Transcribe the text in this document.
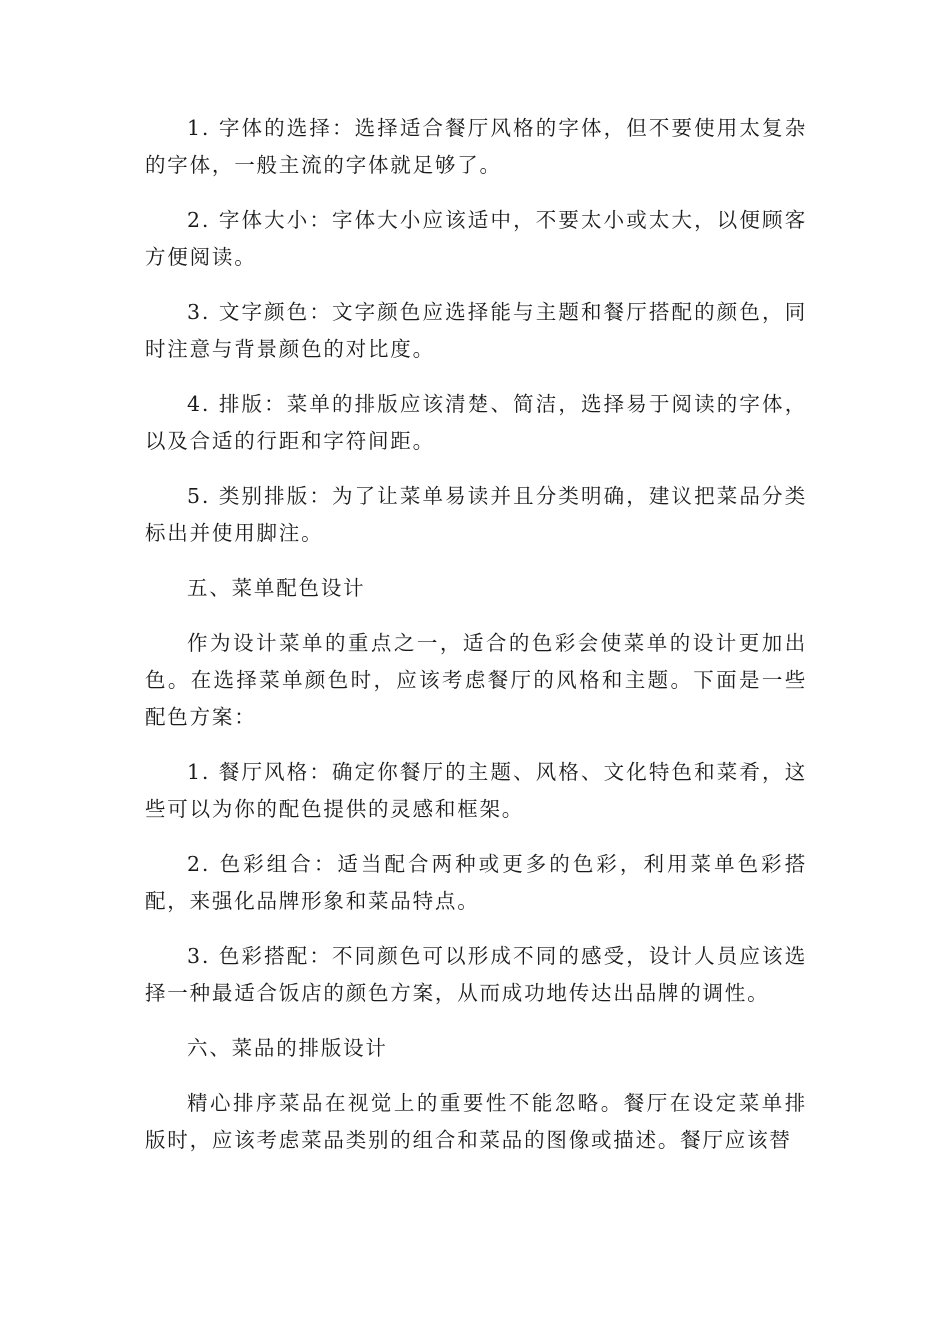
1. 字体的选择：选择适合餐厅风格的字体，但不要使用太复杂的字体，一般主流的字体就足够了。

2. 字体大小：字体大小应该适中，不要太小或太大，以便顾客方便阅读。

3. 文字颜色：文字颜色应选择能与主题和餐厅搭配的颜色，同时注意与背景颜色的对比度。

4. 排版：菜单的排版应该清楚、简洁，选择易于阅读的字体，以及合适的行距和字符间距。

5. 类别排版：为了让菜单易读并且分类明确，建议把菜品分类标出并使用脚注。

五、菜单配色设计

作为设计菜单的重点之一，适合的色彩会使菜单的设计更加出色。在选择菜单颜色时，应该考虑餐厅的风格和主题。下面是一些配色方案：

1. 餐厅风格：确定你餐厅的主题、风格、文化特色和菜肴，这些可以为你的配色提供的灵感和框架。

2. 色彩组合：适当配合两种或更多的色彩，利用菜单色彩搭配，来强化品牌形象和菜品特点。

3. 色彩搭配：不同颜色可以形成不同的感受，设计人员应该选择一种最适合饭店的颜色方案，从而成功地传达出品牌的调性。

六、菜品的排版设计

精心排序菜品在视觉上的重要性不能忽略。餐厅在设定菜单排版时，应该考虑菜品类别的组合和菜品的图像或描述。餐厅应该替
